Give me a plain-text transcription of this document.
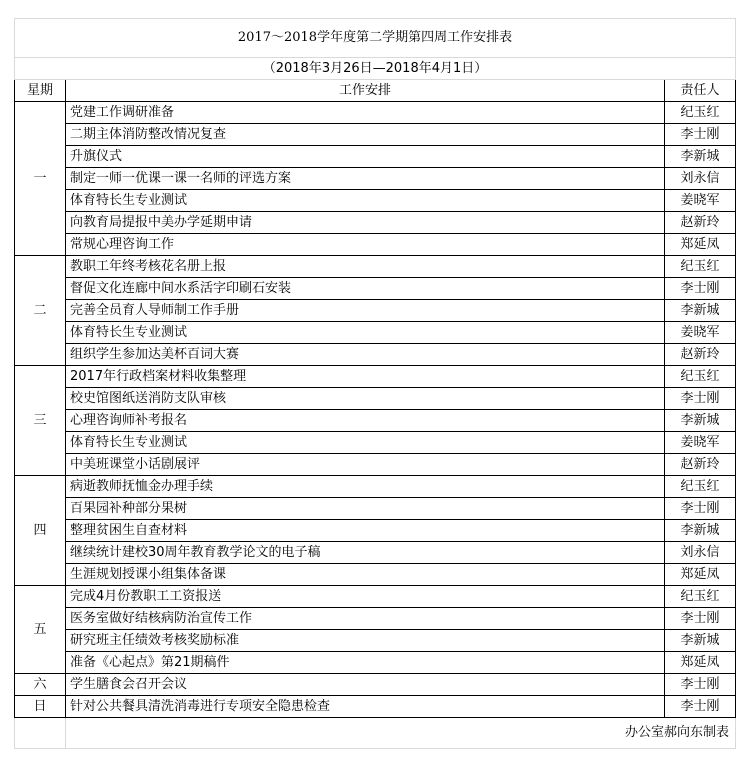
2017～2018学年度第二学期第四周工作安排表		
（2018年3月26日—2018年4月1日）		
星期	工作安排	责任人
一	党建工作调研准备	纪玉红
	二期主体消防整改情况复查	李士刚
	升旗仪式	李新城
	制定一师一优课一课一名师的评选方案	刘永信
	体育特长生专业测试	姜晓军
	向教育局提报中美办学延期申请	赵新玲
	常规心理咨询工作	郑延凤
二	教职工年终考核花名册上报	纪玉红
	督促文化连廊中间水系活字印刷石安装	李士刚
	完善全员育人导师制工作手册	李新城
	体育特长生专业测试	姜晓军
	组织学生参加达美杯百词大赛	赵新玲
三	2017年行政档案材料收集整理	纪玉红
	校史馆图纸送消防支队审核	李士刚
	心理咨询师补考报名	李新城
	体育特长生专业测试	姜晓军
	中美班课堂小话剧展评	赵新玲
四	病逝教师抚恤金办理手续	纪玉红
	百果园补种部分果树	李士刚
	整理贫困生自查材料	李新城
	继续统计建校30周年教育教学论文的电子稿	刘永信
	生涯规划授课小组集体备课	郑延凤
五	完成4月份教职工工资报送	纪玉红
	医务室做好结核病防治宣传工作	李士刚
	研究班主任绩效考核奖励标准	李新城
	准备《心起点》第21期稿件	郑延凤
六	学生膳食会召开会议	李士刚
日	针对公共餐具清洗消毒进行专项安全隐患检查	李士刚
	办公室郝向东制表	
